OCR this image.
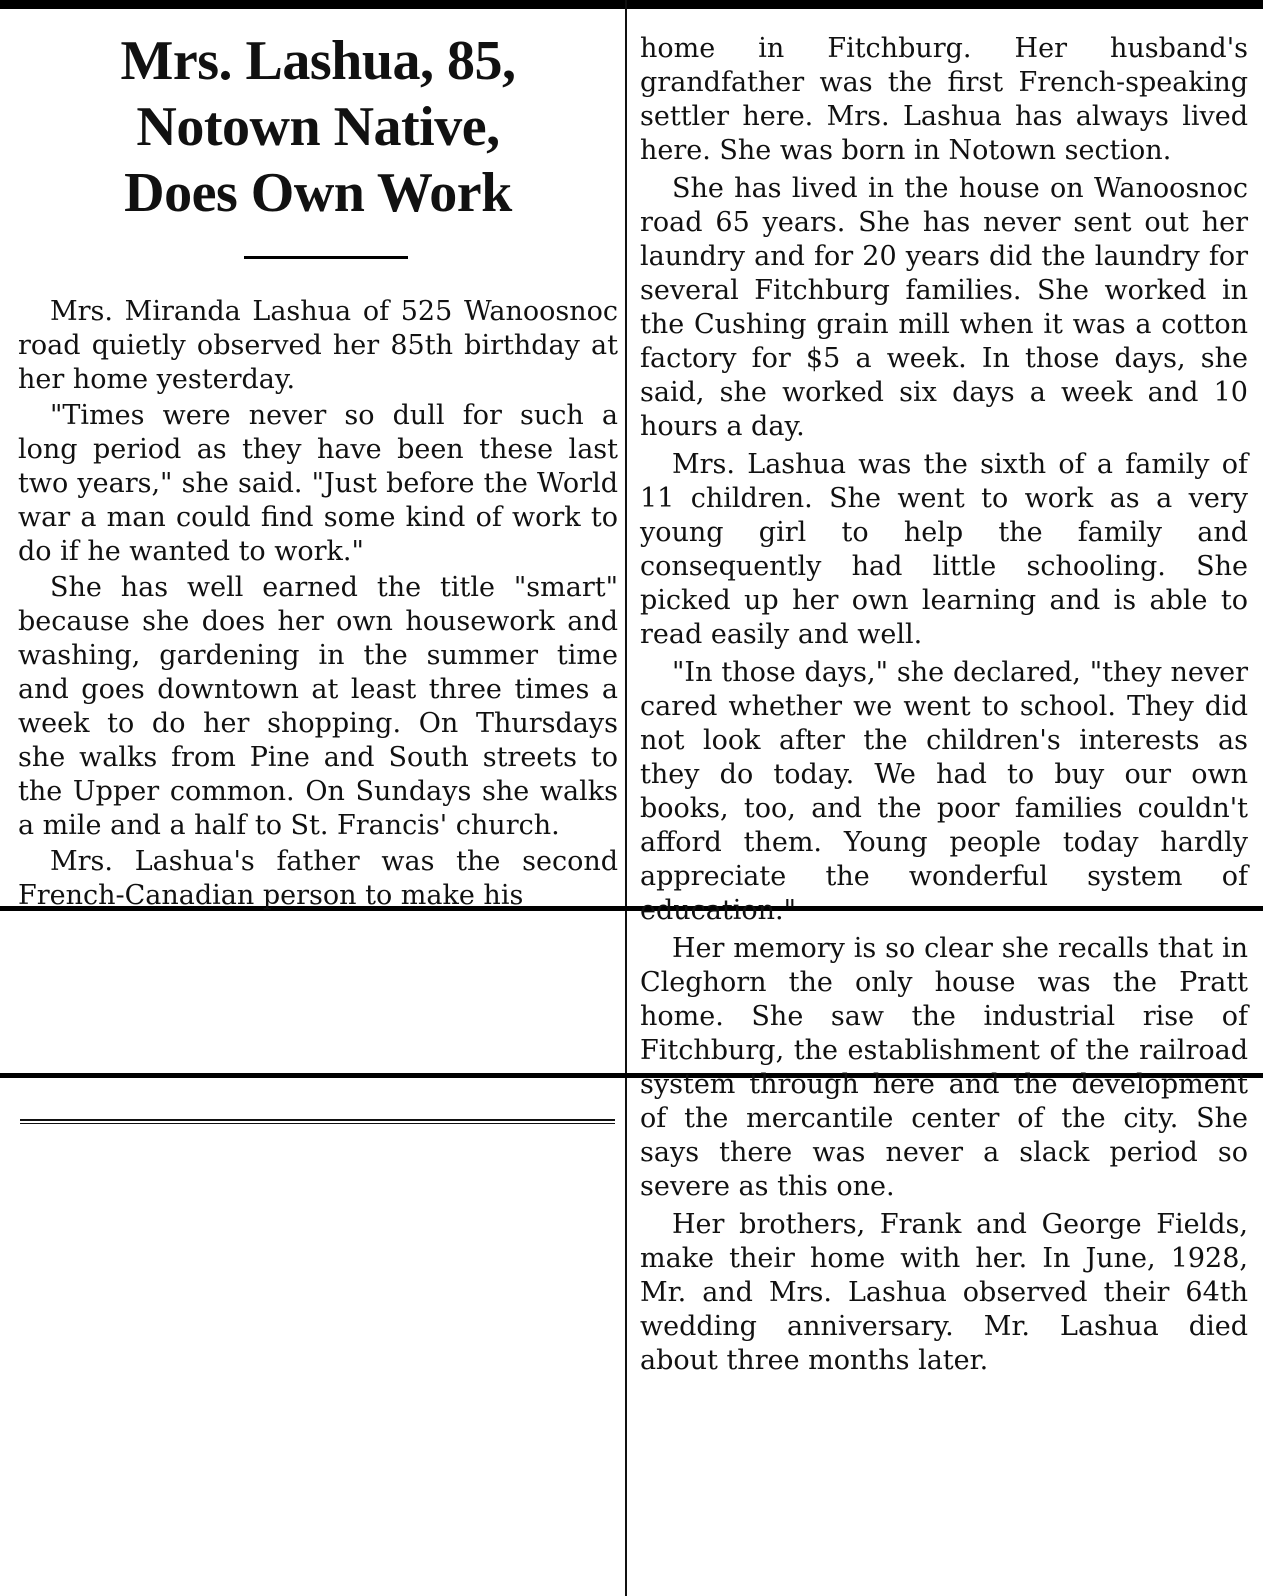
Mrs. Lashua, 85,
Notown Native,
Does Own Work

Mrs. Miranda Lashua of 525 Wanoosnoc road quietly observed her 85th birthday at her home yesterday.

"Times were never so dull for such a long period as they have been these last two years," she said. "Just before the World war a man could find some kind of work to do if he wanted to work."

She has well earned the title "smart" because she does her own housework and washing, gardening in the summer time and goes downtown at least three times a week to do her shopping. On Thursdays she walks from Pine and South streets to the Upper common. On Sundays she walks a mile and a half to St. Francis' church.

Mrs. Lashua's father was the second French-Canadian person to make his

home in Fitchburg. Her husband's grandfather was the first French-speaking settler here. Mrs. Lashua has always lived here. She was born in Notown section.

She has lived in the house on Wanoosnoc road 65 years. She has never sent out her laundry and for 20 years did the laundry for several Fitchburg families. She worked in the Cushing grain mill when it was a cotton factory for $5 a week. In those days, she said, she worked six days a week and 10 hours a day.

Mrs. Lashua was the sixth of a family of 11 children. She went to work as a very young girl to help the family and consequently had little schooling. She picked up her own learning and is able to read easily and well.

"In those days," she declared, "they never cared whether we went to school. They did not look after the children's interests as they do today. We had to buy our own books, too, and the poor families couldn't afford them. Young people today hardly appreciate the wonderful system of education."

Her memory is so clear she recalls that in Cleghorn the only house was the Pratt home. She saw the industrial rise of Fitchburg, the establishment of the railroad system through here and the development of the mercantile center of the city. She says there was never a slack period so severe as this one.

Her brothers, Frank and George Fields, make their home with her. In June, 1928, Mr. and Mrs. Lashua observed their 64th wedding anniversary. Mr. Lashua died about three months later.
